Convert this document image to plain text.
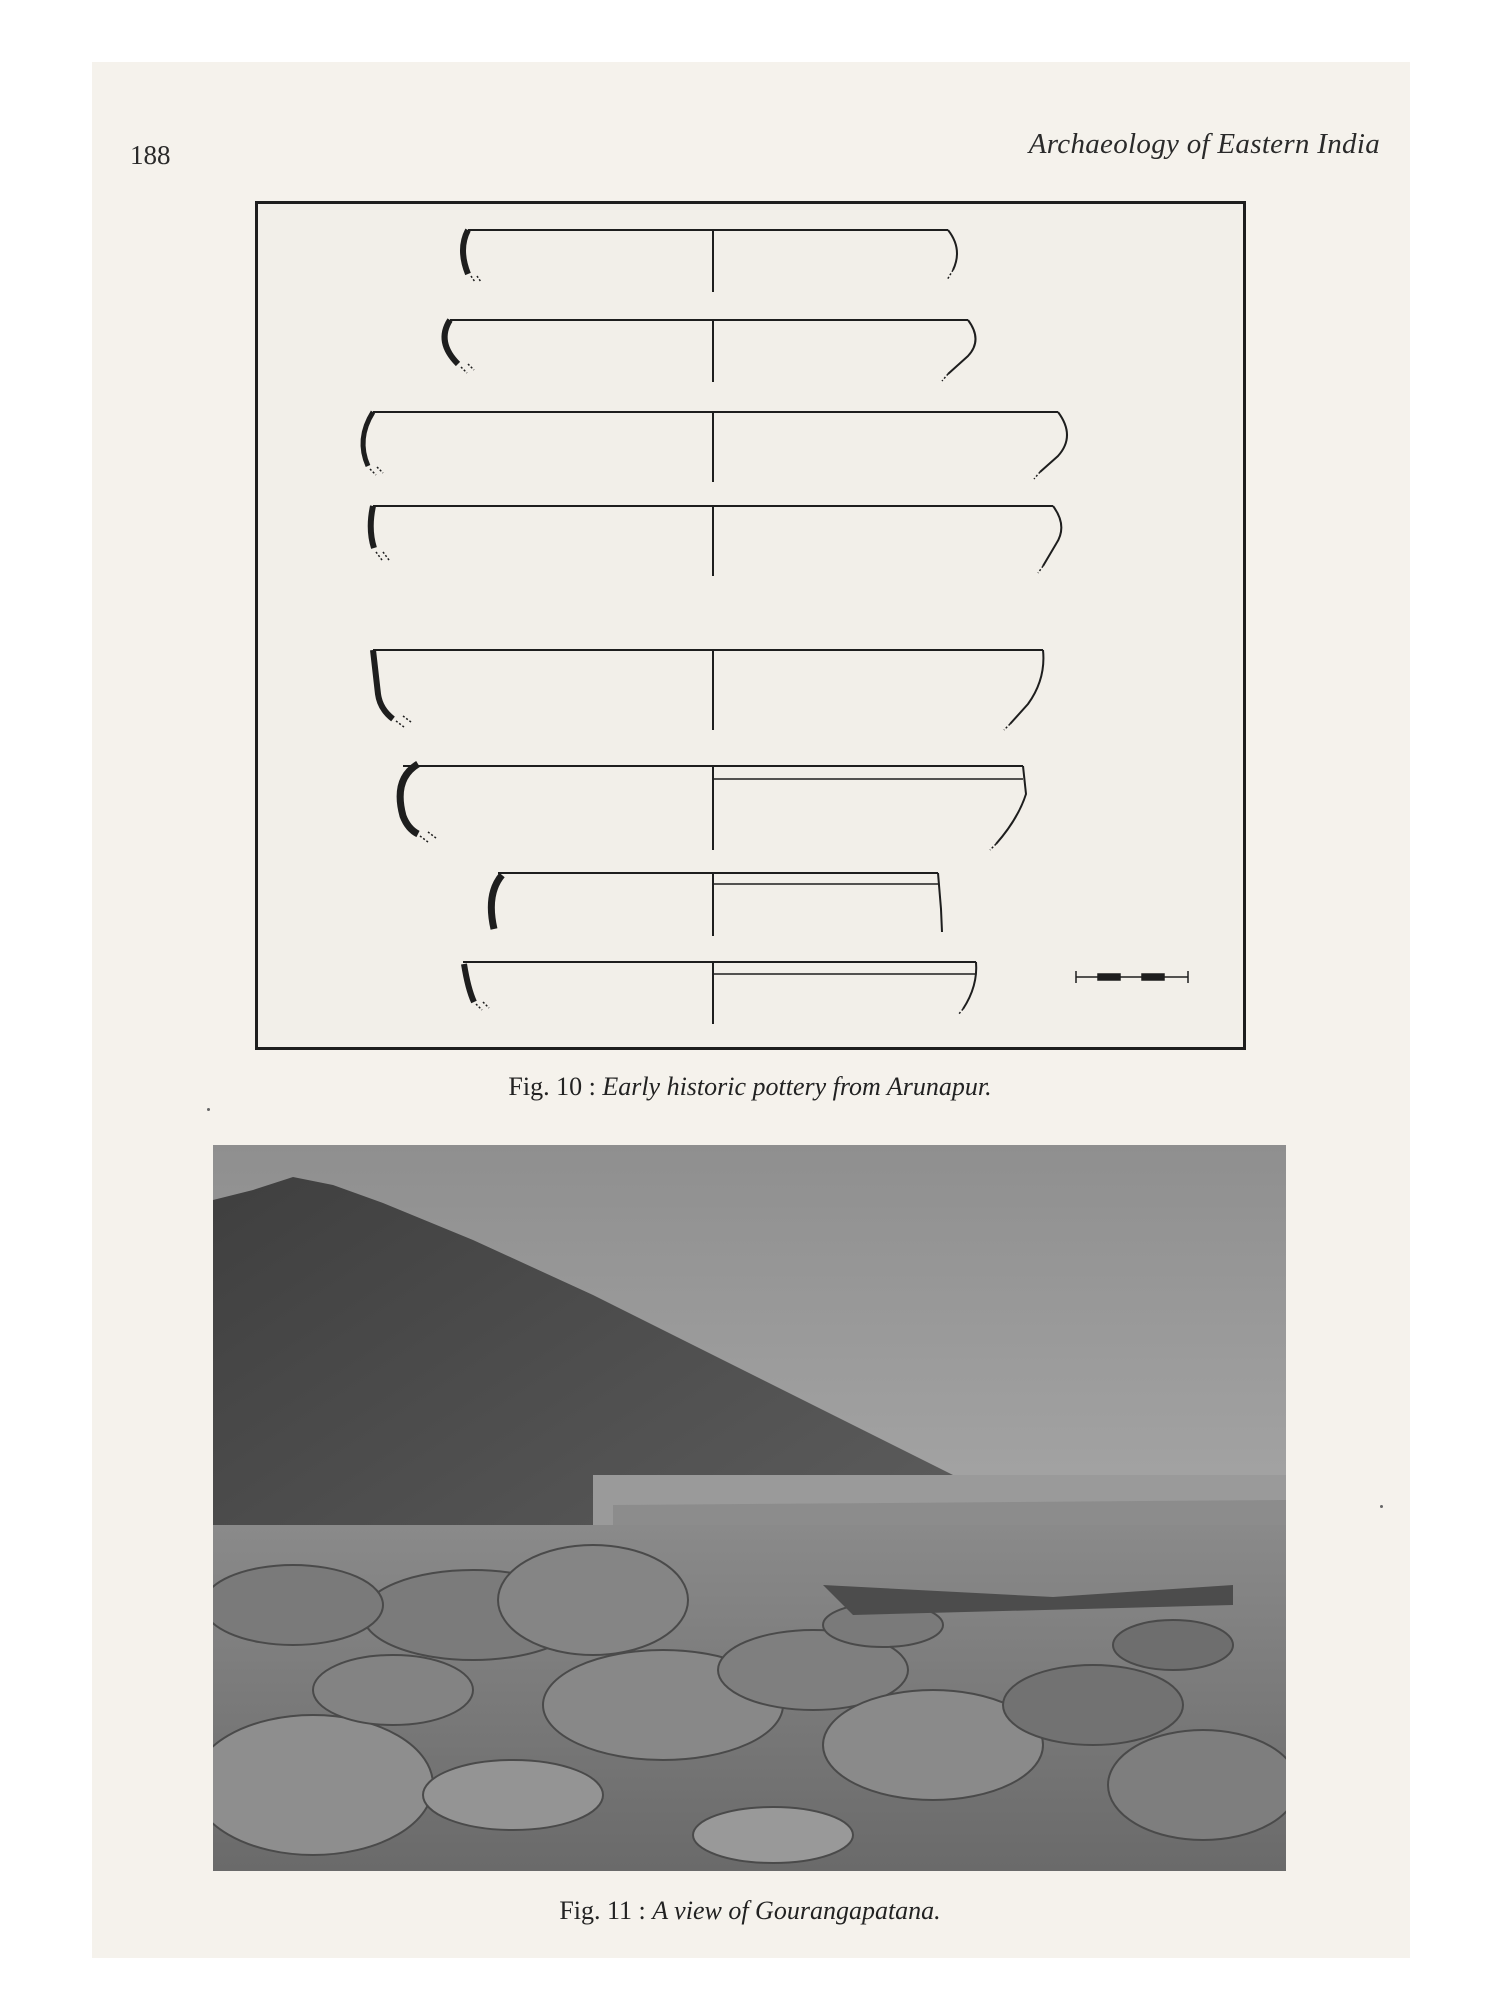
188	Archaeology of Eastern India
Fig. 10 : Early historic pottery from Arunapur.
Fig. 11 : A view of Gourangapatana.
